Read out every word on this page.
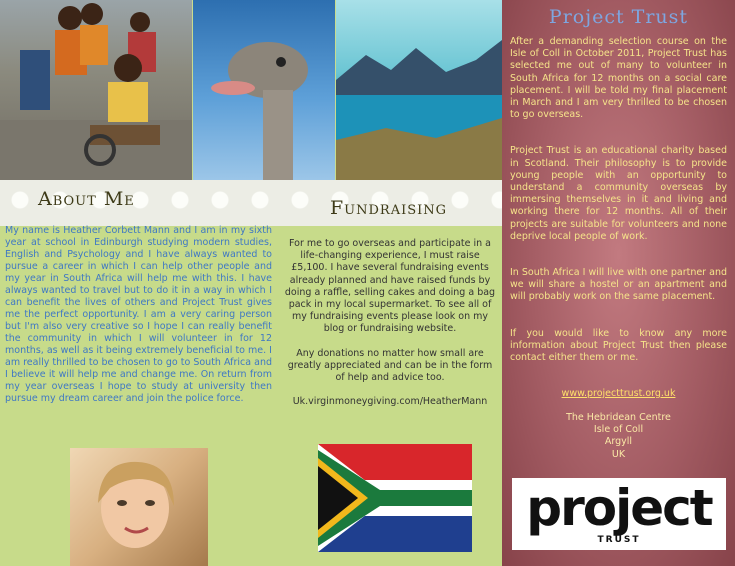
About Me
My name is Heather Corbett Mann and I am in my sixth year at school in Edinburgh studying modern studies, English and Psychology and I have always wanted to pursue a career in which I can help other people and my year in South Africa will help me with this. I have always wanted to travel but to do it in a way in which I can benefit the lives of others and Project Trust gives me the perfect opportunity. I am a very caring person but I'm also very creative so I hope I can really benefit the community in which I will volunteer in for 12 months, as well as it being extremely beneficial to me. I am really thrilled to be chosen to go to South Africa and I believe it will help me and change me. On return from my year overseas I hope to study at university then pursue my dream career and join the police force.
Fundraising

For me to go overseas and participate in a life-changing experience, I must raise £5,100. I have several fundraising events already planned and have raised funds by doing a raffle, selling cakes and doing a bag pack in my local supermarket. To see all of my fundraising events please look on my blog or fundraising website.

Any donations no matter how small are greatly appreciated and can be in the form of help and advice too.

Uk.virginmoneygiving.com/HeatherMann

Project Trust

After a demanding selection course on the Isle of Coll in October 2011, Project Trust has selected me out of many to volunteer in South Africa for 12 months on a social care placement. I will be told my final placement in March and I am very thrilled to be chosen to go overseas.

Project Trust is an educational charity based in Scotland. Their philosophy is to provide young people with an opportunity to understand a community overseas by immersing themselves in it and living and working there for 12 months. All of their projects are suitable for volunteers and none deprive local people of work.

In South Africa I will live with one partner and we will share a hostel or an apartment and will probably work on the same placement.

If you would like to know any more information about Project Trust then please contact either them or me.

www.projecttrust.org.uk
The Hebridean Centre
Isle of Coll
Argyll
UK
project
TRUST
